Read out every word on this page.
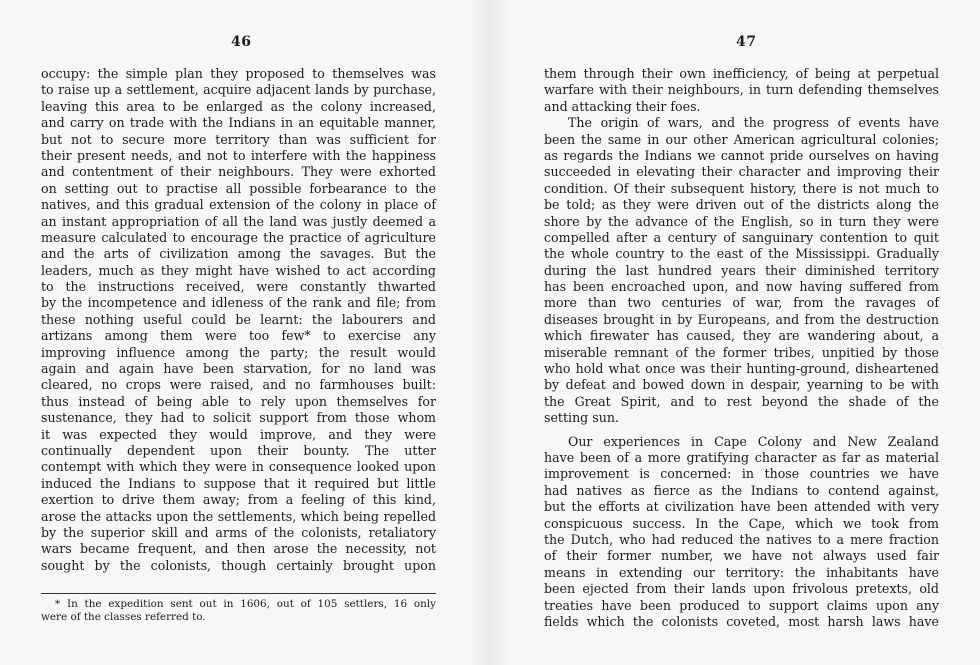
46
occupy: the simple plan they proposed to themselves was
to raise up a settlement, acquire adjacent lands by purchase,
leaving this area to be enlarged as the colony increased,
and carry on trade with the Indians in an equitable manner,
but not to secure more territory than was sufficient for
their present needs, and not to interfere with the happiness
and contentment of their neighbours. They were exhorted
on setting out to practise all possible forbearance to the
natives, and this gradual extension of the colony in place of
an instant appropriation of all the land was justly deemed a
measure calculated to encourage the practice of agriculture
and the arts of civilization among the savages. But the
leaders, much as they might have wished to act according
to the instructions received, were constantly thwarted
by the incompetence and idleness of the rank and file; from
these nothing useful could be learnt: the labourers and
artizans among them were too few* to exercise any
improving influence among the party; the result would
again and again have been starvation, for no land was
cleared, no crops were raised, and no farmhouses built:
thus instead of being able to rely upon themselves for
sustenance, they had to solicit support from those whom
it was expected they would improve, and they were
continually dependent upon their bounty. The utter
contempt with which they were in consequence looked upon
induced the Indians to suppose that it required but little
exertion to drive them away; from a feeling of this kind,
arose the attacks upon the settlements, which being repelled
by the superior skill and arms of the colonists, retaliatory
wars became frequent, and then arose the necessity, not
sought by the colonists, though certainly brought upon
* In the expedition sent out in 1606, out of 105 settlers, 16 only
were of the classes referred to.
47
them through their own inefficiency, of being at perpetual
warfare with their neighbours, in turn defending themselves
and attacking their foes.
The origin of wars, and the progress of events have
been the same in our other American agricultural colonies;
as regards the Indians we cannot pride ourselves on having
succeeded in elevating their character and improving their
condition. Of their subsequent history, there is not much to
be told; as they were driven out of the districts along the
shore by the advance of the English, so in turn they were
compelled after a century of sanguinary contention to quit
the whole country to the east of the Mississippi. Gradually
during the last hundred years their diminished territory
has been encroached upon, and now having suffered from
more than two centuries of war, from the ravages of
diseases brought in by Europeans, and from the destruction
which firewater has caused, they are wandering about, a
miserable remnant of the former tribes, unpitied by those
who hold what once was their hunting-ground, disheartened
by defeat and bowed down in despair, yearning to be with
the Great Spirit, and to rest beyond the shade of the
setting sun.
Our experiences in Cape Colony and New Zealand
have been of a more gratifying character as far as material
improvement is concerned: in those countries we have
had natives as fierce as the Indians to contend against,
but the efforts at civilization have been attended with very
conspicuous success. In the Cape, which we took from
the Dutch, who had reduced the natives to a mere fraction
of their former number, we have not always used fair
means in extending our territory: the inhabitants have
been ejected from their lands upon frivolous pretexts, old
treaties have been produced to support claims upon any
fields which the colonists coveted, most harsh laws have
